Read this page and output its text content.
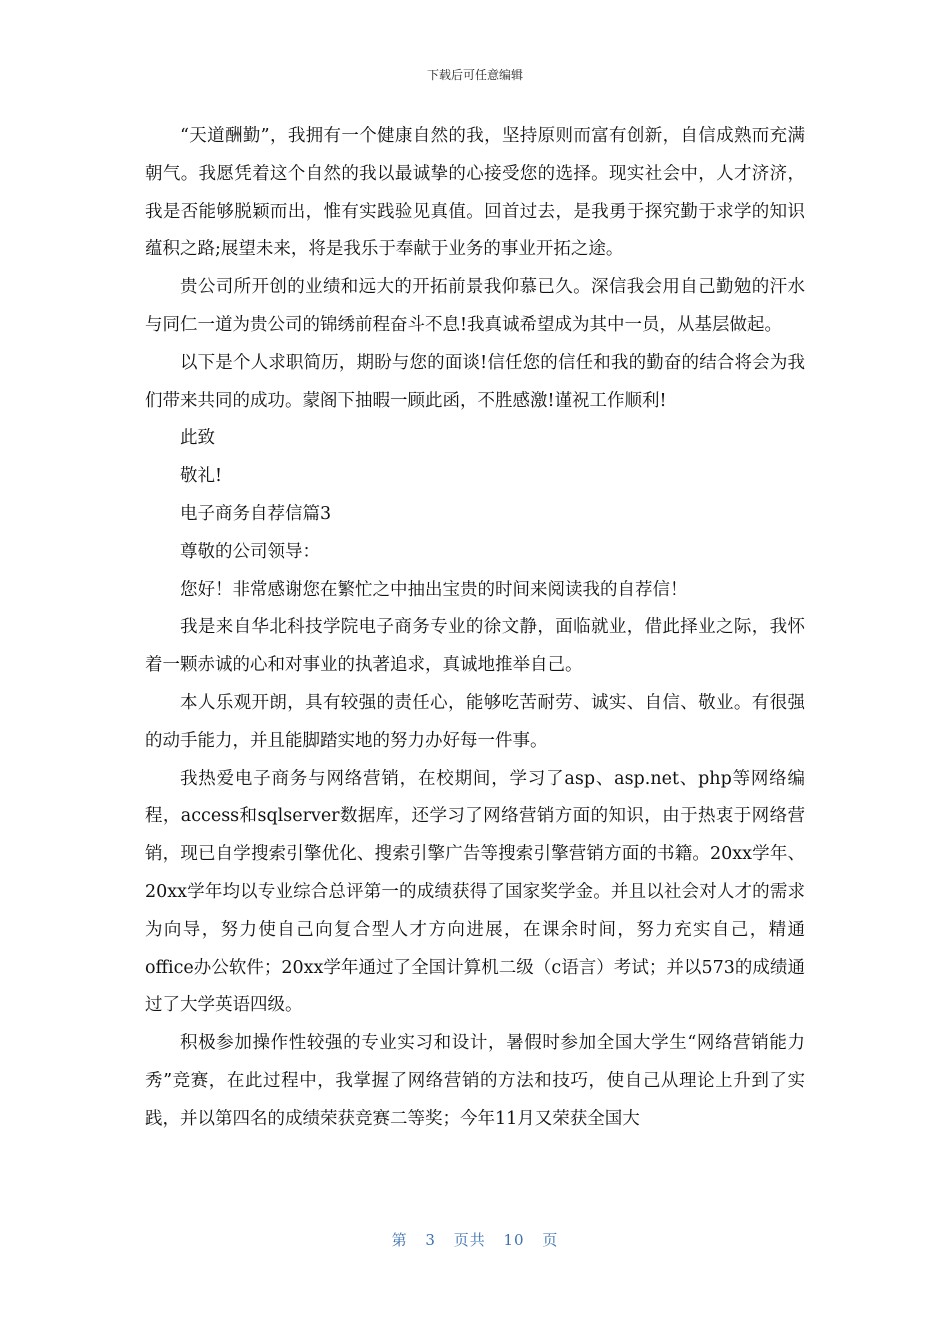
下载后可任意编辑

“天道酬勤”，我拥有一个健康自然的我，坚持原则而富有创新，自信成熟而充满朝气。我愿凭着这个自然的我以最诚挚的心接受您的选择。现实社会中，人才济济，我是否能够脱颖而出，惟有实践验见真值。回首过去，是我勇于探究勤于求学的知识蕴积之路;展望未来，将是我乐于奉献于业务的事业开拓之途。

贵公司所开创的业绩和远大的开拓前景我仰慕已久。深信我会用自己勤勉的汗水与同仁一道为贵公司的锦绣前程奋斗不息!我真诚希望成为其中一员，从基层做起。

以下是个人求职简历，期盼与您的面谈!信任您的信任和我的勤奋的结合将会为我们带来共同的成功。蒙阁下抽暇一顾此函，不胜感激!谨祝工作顺利!

此致

敬礼!

电子商务自荐信篇3

尊敬的公司领导：

您好！非常感谢您在繁忙之中抽出宝贵的时间来阅读我的自荐信！

我是来自华北科技学院电子商务专业的徐文静，面临就业，借此择业之际，我怀着一颗赤诚的心和对事业的执著追求，真诚地推举自己。

本人乐观开朗，具有较强的责任心，能够吃苦耐劳、诚实、自信、敬业。有很强的动手能力，并且能脚踏实地的努力办好每一件事。

我热爱电子商务与网络营销，在校期间，学习了asp、asp.net、php等网络编程，access和sqlserver数据库，还学习了网络营销方面的知识，由于热衷于网络营销，现已自学搜索引擎优化、搜索引擎广告等搜索引擎营销方面的书籍。20xx学年、20xx学年均以专业综合总评第一的成绩获得了国家奖学金。并且以社会对人才的需求为向导，努力使自己向复合型人才方向进展，在课余时间，努力充实自己，精通office办公软件；20xx学年通过了全国计算机二级（c语言）考试；并以573的成绩通过了大学英语四级。

积极参加操作性较强的专业实习和设计，暑假时参加全国大学生“网络营销能力秀”竞赛，在此过程中，我掌握了网络营销的方法和技巧，使自己从理论上升到了实践，并以第四名的成绩荣获竞赛二等奖；今年11月又荣获全国大

第 3 页共 10 页
